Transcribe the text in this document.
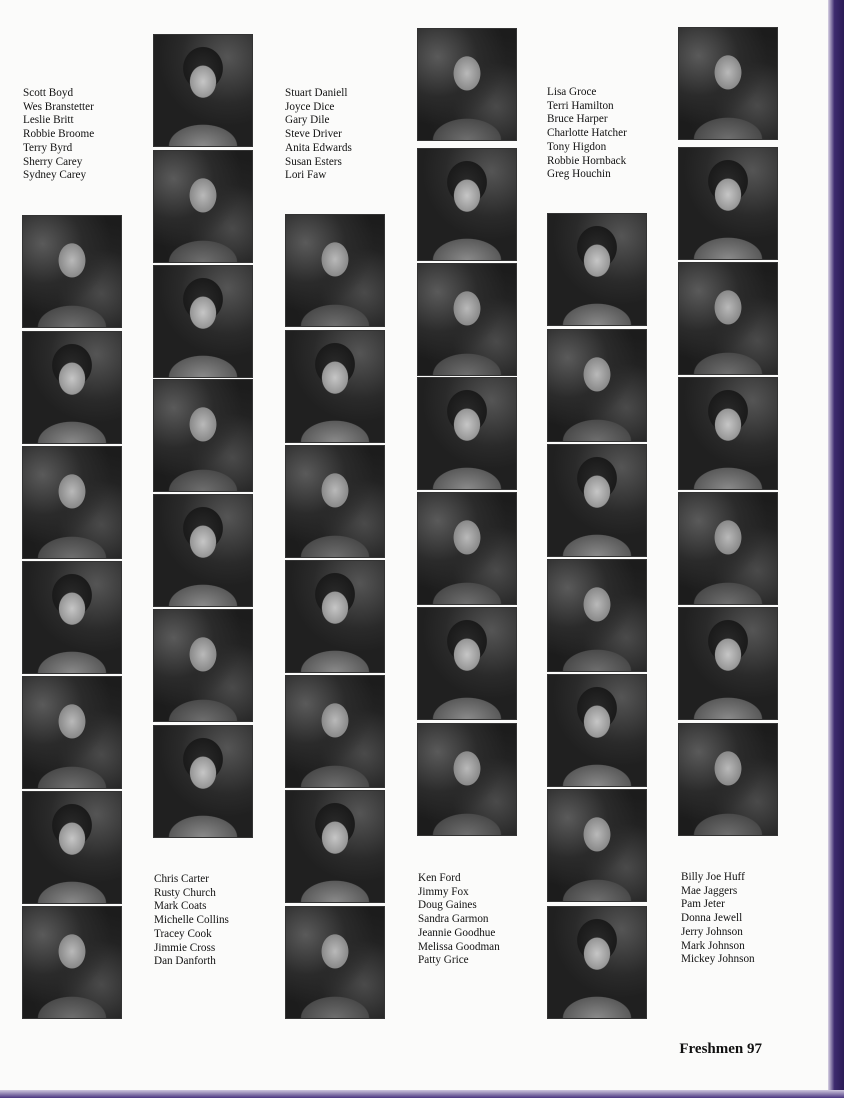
Scott Boyd
Wes Branstetter
Leslie Britt
Robbie Broome
Terry Byrd
Sherry Carey
Sydney Carey
Stuart Daniell
Joyce Dice
Gary Dile
Steve Driver
Anita Edwards
Susan Esters
Lori Faw
Lisa Groce
Terri Hamilton
Bruce Harper
Charlotte Hatcher
Tony Higdon
Robbie Hornback
Greg Houchin
Chris Carter
Rusty Church
Mark Coats
Michelle Collins
Tracey Cook
Jimmie Cross
Dan Danforth
Ken Ford
Jimmy Fox
Doug Gaines
Sandra Garmon
Jeannie Goodhue
Melissa Goodman
Patty Grice
Billy Joe Huff
Mae Jaggers
Pam Jeter
Donna Jewell
Jerry Johnson
Mark Johnson
Mickey Johnson
Freshmen 97
